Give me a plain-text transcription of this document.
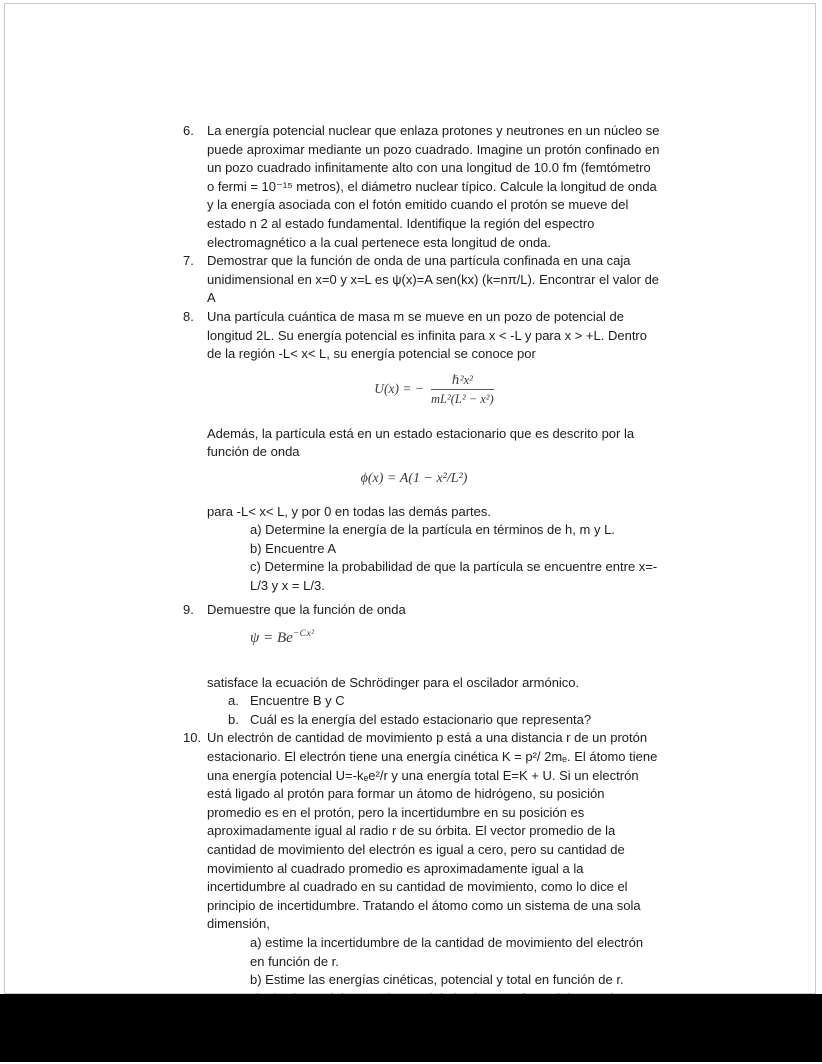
6.	La energía potencial nuclear que enlaza protones y neutrones en un núcleo se puede aproximar mediante un pozo cuadrado. Imagine un protón confinado en un pozo cuadrado infinitamente alto con una longitud de 10.0 fm (femtómetro o fermi = 10⁻¹⁵ metros), el diámetro nuclear típico. Calcule la longitud de onda y la energía asociada con el fotón emitido cuando el protón se mueve del estado n 2 al estado fundamental. Identifique la región del espectro electromagnético a la cual pertenece esta longitud de onda.
7.	Demostrar que la función de onda de una partícula confinada en una caja unidimensional en x=0 y x=L es ψ(x)=A sen(kx) (k=nπ/L). Encontrar el valor de A
8.	Una partícula cuántica de masa m se mueve en un pozo de potencial de longitud 2L. Su energía potencial es infinita para x < -L y para x > +L. Dentro de la región -L< x< L, su energía potencial se conoce por
U(x) = − $\frac{\text{ℏ²x²}}{\text{mL²(L² − x²)}}$
Además, la partícula está en un estado estacionario que es descrito por la función de onda
ϕ(x) = A(1 − x²/L²)
para -L< x< L, y por 0 en todas las demás partes.
a) Determine la energía de la partícula en términos de h, m y L.
b) Encuentre A
c) Determine la probabilidad de que la partícula se encuentre entre x=-L/3 y x = L/3.
9.	Demuestre que la función de onda
$\psi = Be^{-Cx^2}$
satisface la ecuación de Schrödinger para el oscilador armónico.
a. Encuentre B y C
b. Cuál es la energía del estado estacionario que representa?
10. Un electrón de cantidad de movimiento p está a una distancia r de un protón estacionario. El electrón tiene una energía cinética K = p²/ 2mₑ. El átomo tiene una energía potencial U=-kₑe²/r y una energía total E=K + U. Si un electrón está ligado al protón para formar un átomo de hidrógeno, su posición promedio es en el protón, pero la incertidumbre en su posición es aproximadamente igual al radio r de su órbita. El vector promedio de la cantidad de movimiento del electrón es igual a cero, pero su cantidad de movimiento al cuadrado promedio es aproximadamente igual a la incertidumbre al cuadrado en su cantidad de movimiento, como lo dice el principio de incertidumbre. Tratando el átomo como un sistema de una sola dimensión,
a) estime la incertidumbre de la cantidad de movimiento del electrón en función de r.
b) Estime las energías cinéticas, potencial y total en función de r.
